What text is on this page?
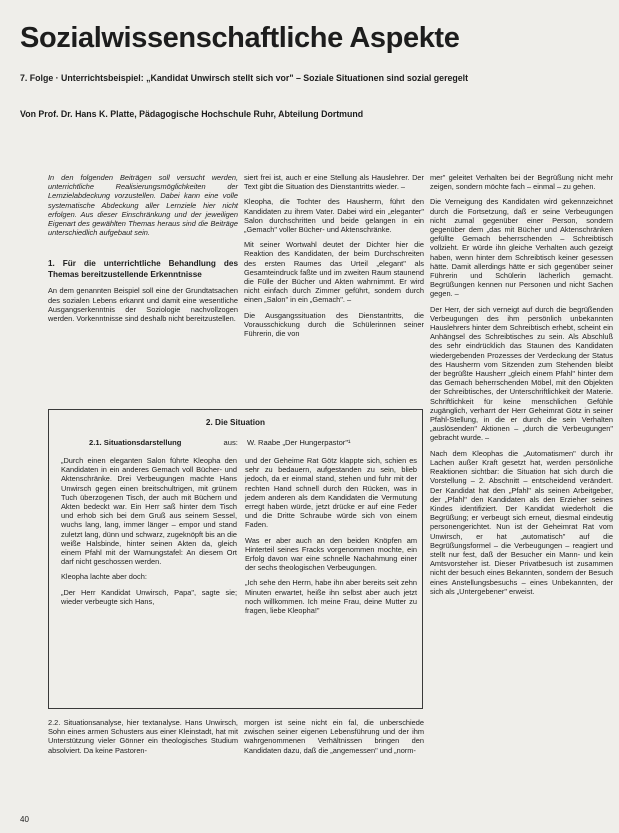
Sozialwissenschaftliche Aspekte
7. Folge · Unterrichtsbeispiel: „Kandidat Unwirsch stellt sich vor" – Soziale Situationen sind sozial geregelt
Von Prof. Dr. Hans K. Platte, Pädagogische Hochschule Ruhr, Abteilung Dortmund

In den folgenden Beiträgen soll versucht werden, unterrichtliche Realisierungsmöglichkeiten der Lernzielabdeckung vorzustellen. Dabei kann eine volle systematische Abdeckung aller Lernziele hier nicht erfolgen. Aus dieser Einschränkung und der jeweiligen Eigenart des gewählten Themas heraus sind die Beiträge unterschiedlich aufgebaut sein.

1. Für die unterrichtliche Behandlung des Themas bereitzustellende Erkenntnisse

An dem genannten Beispiel soll eine der Grundtatsachen des sozialen Lebens erkannt und damit eine wesentliche Ausgangserkenntnis der Soziologie nachvollzogen werden. Vorkenntnisse sind deshalb nicht bereitzustellen.

siert frei ist, auch er eine Stellung als Hauslehrer. Der Text gibt die Situation des Dienstantritts wieder. –

Kleopha, die Tochter des Hausherrn, führt den Kandidaten zu ihrem Vater. Dabei wird ein „eleganter" Salon durchschritten und beide gelangen in ein „Gemach" voller Bücher- und Aktenschränke.

Mit seiner Wortwahl deutet der Dichter hier die Reaktion des Kandidaten, der beim Durchschreiten des ersten Raumes das Urteil „elegant" als Gesamteindruck faßte und im zweiten Raum staunend die Fülle der Bücher und Akten wahrnimmt. Er wird nicht einfach durch Zimmer geführt, sondern durch einen „Salon" in ein „Gemach". –

Die Ausgangssituation des Dienstantritts, die Vorausschickung durch die Schülerinnen seiner Führerin, die von

mer" geleitet Verhalten bei der Begrüßung nicht mehr zeigen, sondern möchte fach – einmal – zu gehen.

Die Verneigung des Kandidaten wird gekennzeichnet durch die Fortsetzung, daß er seine Verbeugungen nicht zumal gegenüber einer Person, sondern gegenüber dem „das mit Bücher und Aktenschränken gefüllte Gemach beherrschenden – Schreibtisch vollzieht. Er würde ihn gleiche Verhalten auch gezeigt haben, wenn hinter dem Schreibtisch keiner gesessen hätte. Damit allerdings hätte er sich gegenüber seiner Führerin und Schülerin lächerlich gemacht. Begrüßungen kennen nur Personen und nicht Sachen gegen. –

Der Herr, der sich verneigt auf durch die begrüßenden Verbeugungen des ihm persönlich unbekannten Hauslehrers hinter dem Schreibtisch erhebt, scheint ein Anhängsel des Schreibtisches zu sein. Als Abschluß des sehr eindrücklich das Staunen des Kandidaten wiedergebenden Prozesses der Verdeckung der Status des Hausherrn vom Sitzenden zum Stehenden bleibt der begrüßte Hausherr „gleich einem Pfahl" hinter dem das Gemach beherrschenden Möbel, mit den Objekten der Schreibtisches, der Unterschriftlichkeit der Materie. Schriftlichkeit für keine menschlichen Gefühle zugänglich, verharrt der Herr Geheimrat Götz in seiner Pfahl-Stellung, in die er durch die sein Verhalten „auslösenden" Aktionen – „durch die Verbeugungen" gebracht wurde. –

Nach dem Kleophas die „Automatismen" durch ihr Lachen außer Kraft gesetzt hat, werden persönliche Reaktionen sichtbar: die Situation hat sich durch die Vorstellung – 2. Abschnitt – entscheidend verändert. Der Kandidat hat den „Pfahl" als seinen Arbeitgeber, der „Pfahl" den Kandidaten als den Erzieher seines Kindes identifiziert. Der Kandidat wiederholt die Begrüßung; er verbeugt sich erneut, diesmal eindeutig personengerichtet. Nun ist der Geheimrat Rat vom Unwirsch, er hat „automatisch" auf die Begrüßungsformel – die Verbeugungen – reagiert und stellt nur fest, daß der Besucher ein Mann- und kein Amtsvorsteher ist. Dieser Privatbesuch ist zusammen nicht der besuch eines Bekannten, sondern der Besuch eines Anstellungsbesuchs – eines Unbekannten, der sich als „Untergebener" erweist.

2. Die Situation
2.1. Situationsdarstellung	aus: W. Raabe „Der Hungerpastor"¹

„Durch einen eleganten Salon führte Kleopha den Kandidaten in ein anderes Gemach voll Bücher- und Aktenschränke. Drei Verbeugungen machte Hans Unwirsch gegen einen breitschultrigen, mit grünem Tuch überzogenen Tisch, der auch mit Büchern und Akten bedeckt war. Ein Herr saß hinter dem Tisch und erhob sich bei dem Gruß aus seinem Sessel, wuchs lang, lang, immer länger – empor und stand zuletzt lang, dünn und schwarz, zugeknöpft bis an die weiße Halsbinde, hinter seinen Akten da, gleich einem Pfahl mit der Warnungstafel: An diesem Ort darf nicht geschossen werden.

Kleopha lachte aber doch:

„Der Herr Kandidat Unwirsch, Papa", sagte sie; wieder verbeugte sich Hans,

und der Geheime Rat Götz klappte sich, schien es sehr zu bedauern, aufgestanden zu sein, blieb jedoch, da er einmal stand, stehen und fuhr mit der rechten Hand schnell durch den Rücken, was in jedem anderen als dem Kandidaten die Vermutung erregt haben würde, jetzt drücke er auf eine Feder und die Dritte Schraube würde sich von einem Faden.

Was er aber auch an den beiden Knöpfen am Hinterteil seines Fracks vorgenommen mochte, ein Erfolg davon war eine schnelle Nachahmung einer der sechs theologischen Verbeugungen.

„Ich sehe den Herrn, habe ihn aber bereits seit zehn Minuten erwartet, heiße ihn selbst aber auch jetzt noch willkommen. Ich meine Frau, deine Mutter zu fragen, liebe Kleopha!"

2.2. Situationsanalyse, hier textanalyse. Hans Unwirsch, Sohn eines armen Schusters aus einer Kleinstadt, hat mit Unterstützung vieler Gönner ein theologisches Studium absolviert. Da keine Pastoren-

morgen ist seine nicht ein fal, die unberschiede zwischen seiner eigenen Lebensführung und der ihm wahrgenommenen Verhältnissen bringen den Kandidaten dazu, daß die „angemessen" und „norm-

40
